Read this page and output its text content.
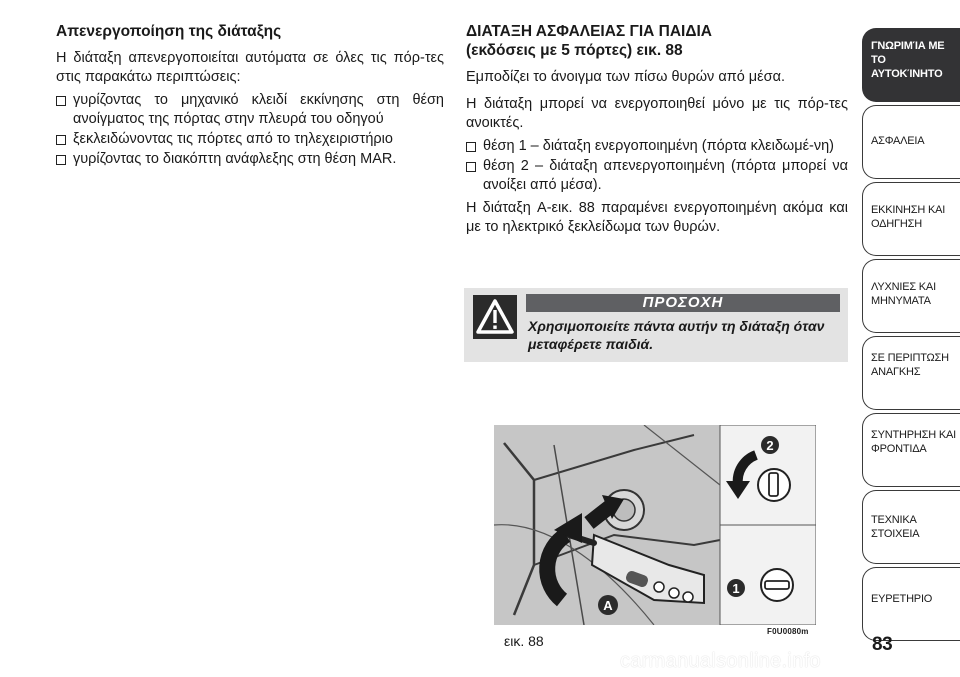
Απενεργοποίηση της διάταξης

Η διάταξη απενεργοποιείται αυτόματα σε όλες τις πόρ-τες στις παρακάτω περιπτώσεις:

γυρίζοντας το μηχανικό κλειδί εκκίνησης στη θέση ανοίγματος της πόρτας στην πλευρά του οδηγού
ξεκλειδώνοντας τις πόρτες από το τηλεχειριστήριο
γυρίζοντας το διακόπτη ανάφλεξης στη θέση MAR.
ΔΙΑΤΑΞΗ ΑΣΦΑΛΕΙΑΣ ΓΙΑ ΠΑΙΔΙΑ
(εκδόσεις με 5 πόρτες) εικ. 88

Εμποδίζει το άνοιγμα των πίσω θυρών από μέσα.

Η διάταξη μπορεί να ενεργοποιηθεί μόνο με τις πόρ-τες ανοικτές.

θέση 1 – διάταξη ενεργοποιημένη (πόρτα κλειδωμέ-νη)
θέση 2 – διάταξη απενεργοποιημένη (πόρτα μπορεί να ανοίξει από μέσα).

Η διάταξη A-εικ. 88 παραμένει ενεργοποιημένη ακόμα και με το ηλεκτρικό ξεκλείδωμα των θυρών.

ΠΡΟΣΟΧΗ
Χρησιμοποιείτε πάντα αυτήν τη διάταξη όταν μεταφέρετε παιδιά.
2
1
A
εικ. 88
F0U0080m
ΓΝΩΡΙΜΊΑ ΜΕ ΤΟ
ΑΥΤΟΚΊΝΗΤΟ
ΑΣΦΑΛΕΙΑ
ΕΚΚΙΝΗΣΗ ΚΑΙ
ΟΔΗΓΗΣΗ
ΛΥΧΝΙΕΣ ΚΑΙ
ΜΗΝΥΜΑΤΑ
ΣΕ ΠΕΡΙΠΤΩΣΗ
ΑΝΑΓΚΗΣ
ΣΥΝΤΗΡΗΣΗ ΚΑΙ
ΦΡΟΝΤΙΔΑ
ΤΕΧΝΙΚΑ ΣΤΟΙΧΕΙΑ
ΕΥΡΕΤΗΡΙΟ
83
carmanualsonline.info
